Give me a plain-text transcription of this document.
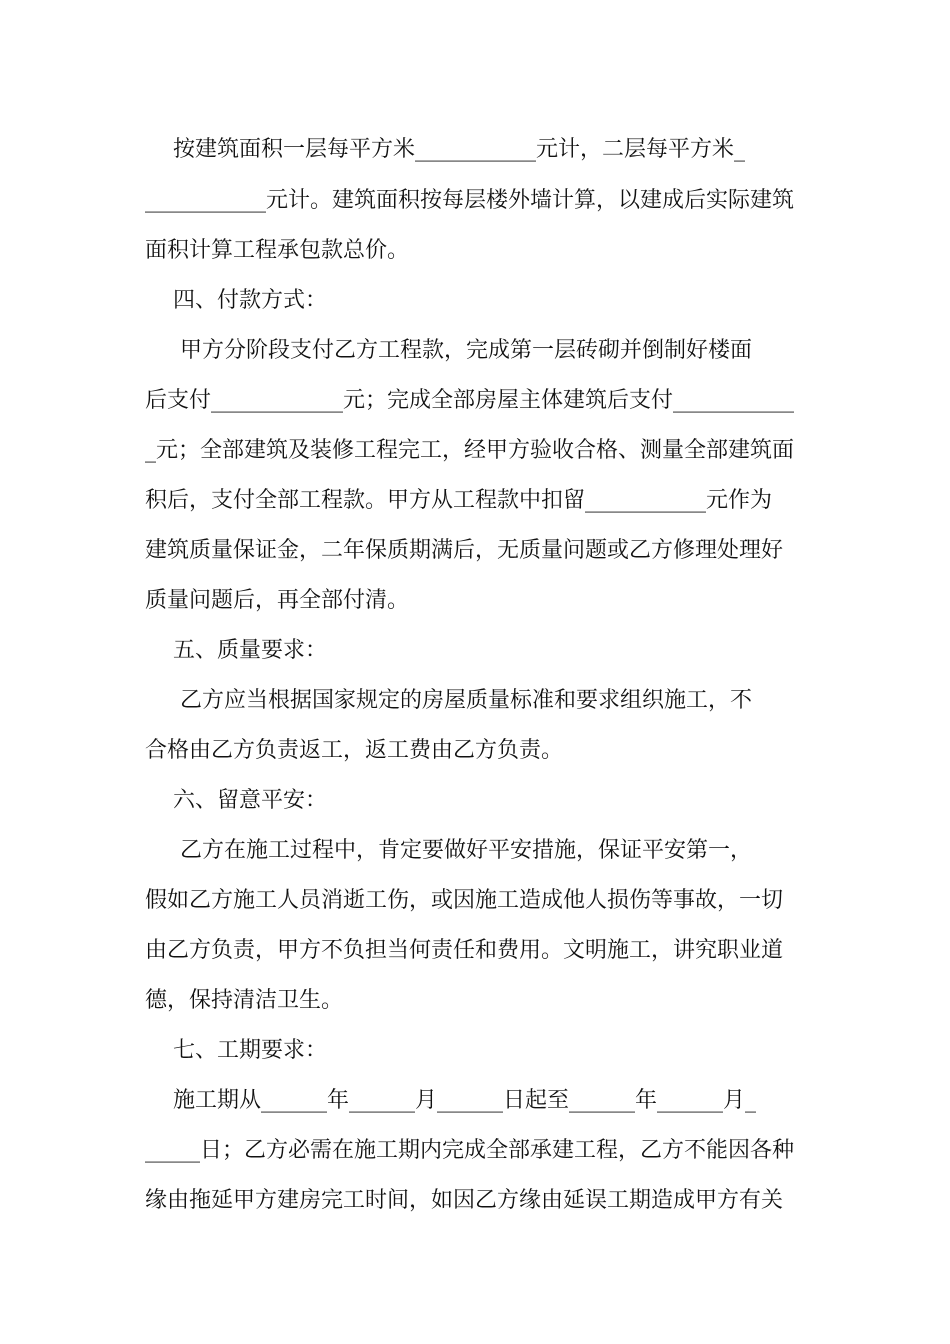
按建筑面积一层每平方米___________元计，二层每平方米_
___________元计。建筑面积按每层楼外墙计算，以建成后实际建筑
面积计算工程承包款总价。
四、付款方式：
甲方分阶段支付乙方工程款，完成第一层砖砌并倒制好楼面
后支付____________元；完成全部房屋主体建筑后支付___________
_元；全部建筑及装修工程完工，经甲方验收合格、测量全部建筑面
积后，支付全部工程款。甲方从工程款中扣留___________元作为
建筑质量保证金，二年保质期满后，无质量问题或乙方修理处理好
质量问题后，再全部付清。
五、质量要求：
乙方应当根据国家规定的房屋质量标准和要求组织施工，不
合格由乙方负责返工，返工费由乙方负责。
六、留意平安：
乙方在施工过程中，肯定要做好平安措施，保证平安第一，
假如乙方施工人员消逝工伤，或因施工造成他人损伤等事故，一切
由乙方负责，甲方不负担当何责任和费用。文明施工，讲究职业道
德，保持清洁卫生。
七、工期要求：
施工期从______年______月______日起至______年______月_
_____日；乙方必需在施工期内完成全部承建工程，乙方不能因各种
缘由拖延甲方建房完工时间，如因乙方缘由延误工期造成甲方有关
